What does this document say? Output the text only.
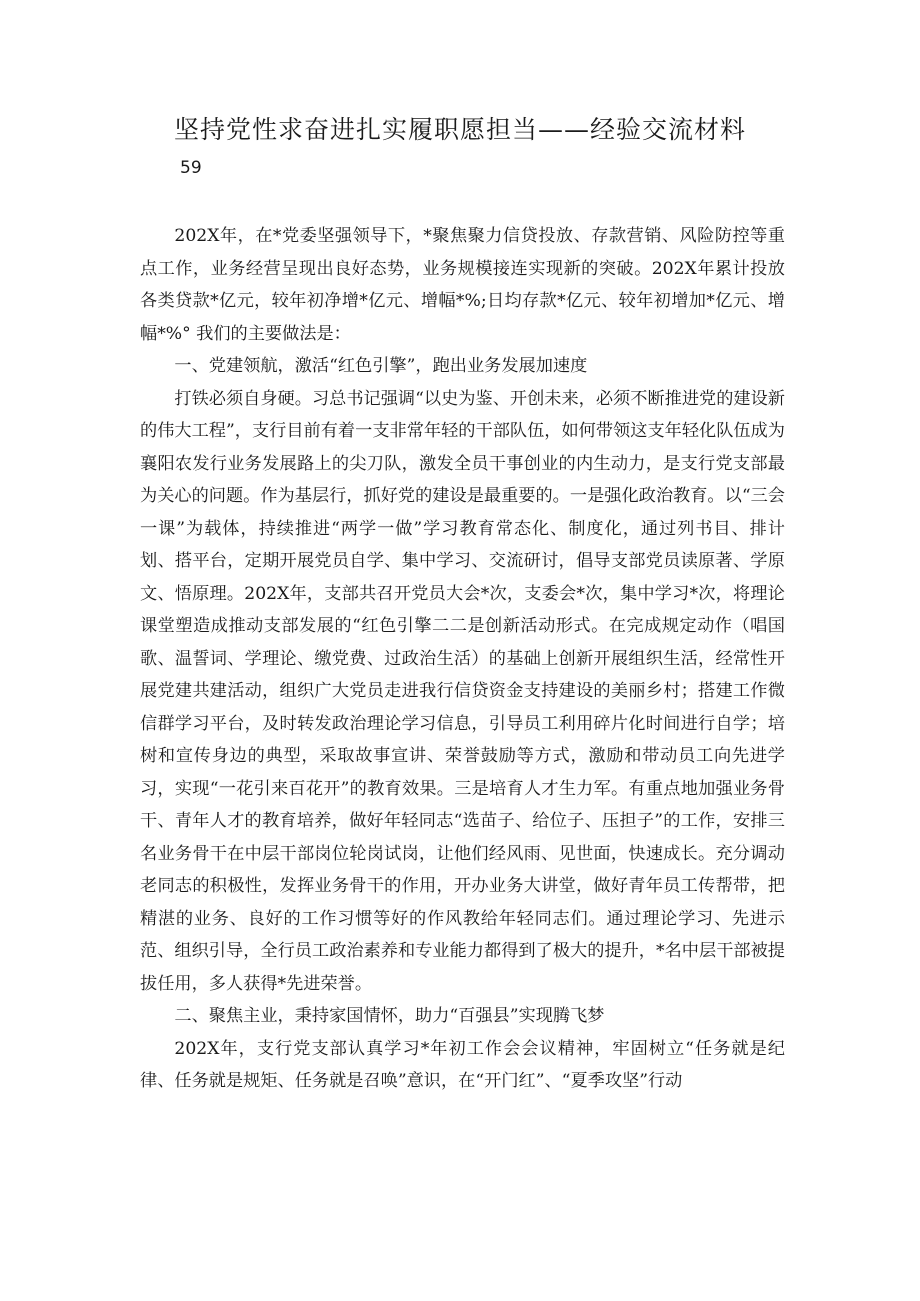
坚持党性求奋进扎实履职愿担当——经验交流材料
59

202X年，在*党委坚强领导下，*聚焦聚力信贷投放、存款营销、风险防控等重点工作，业务经营呈现出良好态势，业务规模接连实现新的突破。202X年累计投放各类贷款*亿元，较年初净增*亿元、增幅*%;日均存款*亿元、较年初增加*亿元、增幅*%° 我们的主要做法是：

一、党建领航，激活“红色引擎”，跑出业务发展加速度

打铁必须自身硬。习总书记强调“以史为鉴、开创未来，必须不断推进党的建设新的伟大工程”，支行目前有着一支非常年轻的干部队伍，如何带领这支年轻化队伍成为襄阳农发行业务发展路上的尖刀队，激发全员干事创业的内生动力，是支行党支部最为关心的问题。作为基层行，抓好党的建设是最重要的。一是强化政治教育。以“三会一课”为载体，持续推进“两学一做”学习教育常态化、制度化，通过列书目、排计划、搭平台，定期开展党员自学、集中学习、交流研讨，倡导支部党员读原著、学原文、悟原理。202X年，支部共召开党员大会*次，支委会*次，集中学习*次，将理论课堂塑造成推动支部发展的“红色引擎二二是创新活动形式。在完成规定动作（唱国歌、温誓词、学理论、缴党费、过政治生活）的基础上创新开展组织生活，经常性开展党建共建活动，组织广大党员走进我行信贷资金支持建设的美丽乡村；搭建工作微信群学习平台，及时转发政治理论学习信息，引导员工利用碎片化时间进行自学；培树和宣传身边的典型，采取故事宣讲、荣誉鼓励等方式，激励和带动员工向先进学习，实现“一花引来百花开”的教育效果。三是培育人才生力军。有重点地加强业务骨干、青年人才的教育培养，做好年轻同志“选苗子、给位子、压担子”的工作，安排三名业务骨干在中层干部岗位轮岗试岗，让他们经风雨、见世面，快速成长。充分调动老同志的积极性，发挥业务骨干的作用，开办业务大讲堂，做好青年员工传帮带，把精湛的业务、良好的工作习惯等好的作风教给年轻同志们。通过理论学习、先进示范、组织引导，全行员工政治素养和专业能力都得到了极大的提升，*名中层干部被提拔任用，多人获得*先进荣誉。

二、聚焦主业，秉持家国情怀，助力“百强县”实现腾飞梦

202X年，支行党支部认真学习*年初工作会会议精神，牢固树立“任务就是纪律、任务就是规矩、任务就是召唤”意识，在“开门红”、“夏季攻坚”行动
